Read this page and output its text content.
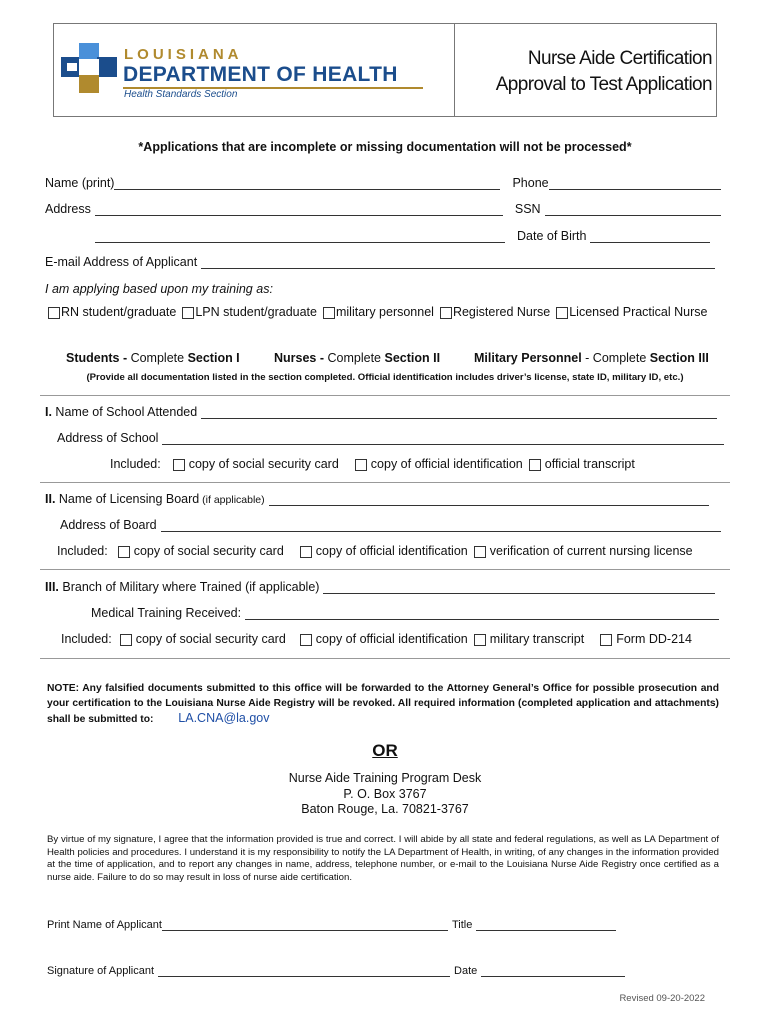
LOUISIANA
DEPARTMENT OF HEALTH
Health Standards Section
Nurse Aide Certification
Approval to Test Application
*Applications that are incomplete or missing documentation will not be processed*
Name (print)	Phone
Address	SSN
Date of Birth
E-mail Address of Applicant
I am applying based upon my training as:
RN student/graduate LPN student/graduate military personnel Registered Nurse Licensed Practical Nurse
Students - Complete Section I	Nurses - Complete Section II	Military Personnel - Complete Section III
(Provide all documentation listed in the section completed. Official identification includes driver’s license, state ID, military ID, etc.)
I. Name of School Attended
Address of School
Included: copy of social security card	copy of official identification official transcript
II. Name of Licensing Board (if applicable)
Address of Board
Included: copy of social security card	copy of official identification verification of current nursing license
III. Branch of Military where Trained (if applicable)
Medical Training Received:
Included: copy of social security card copy of official identification military transcript	Form DD-214
NOTE: Any falsified documents submitted to this office will be forwarded to the Attorney General’s Office for possible prosecution and your certification to the Louisiana Nurse Aide Registry will be revoked. All required information (completed application and attachments) shall be submitted to: LA.CNA@la.gov
OR
Nurse Aide Training Program Desk
P. O. Box 3767
Baton Rouge, La. 70821-3767
By virtue of my signature, I agree that the information provided is true and correct. I will abide by all state and federal regulations, as well as LA Department of Health policies and procedures. I understand it is my responsibility to notify the LA Department of Health, in writing, of any changes in the information provided at the time of application, and to report any changes in name, address, telephone number, or e-mail to the Louisiana Nurse Aide Registry once certified as a nurse aide. Failure to do so may result in loss of nurse aide certification.
Print Name of Applicant	Title
Signature of Applicant	Date
Revised 09-20-2022
